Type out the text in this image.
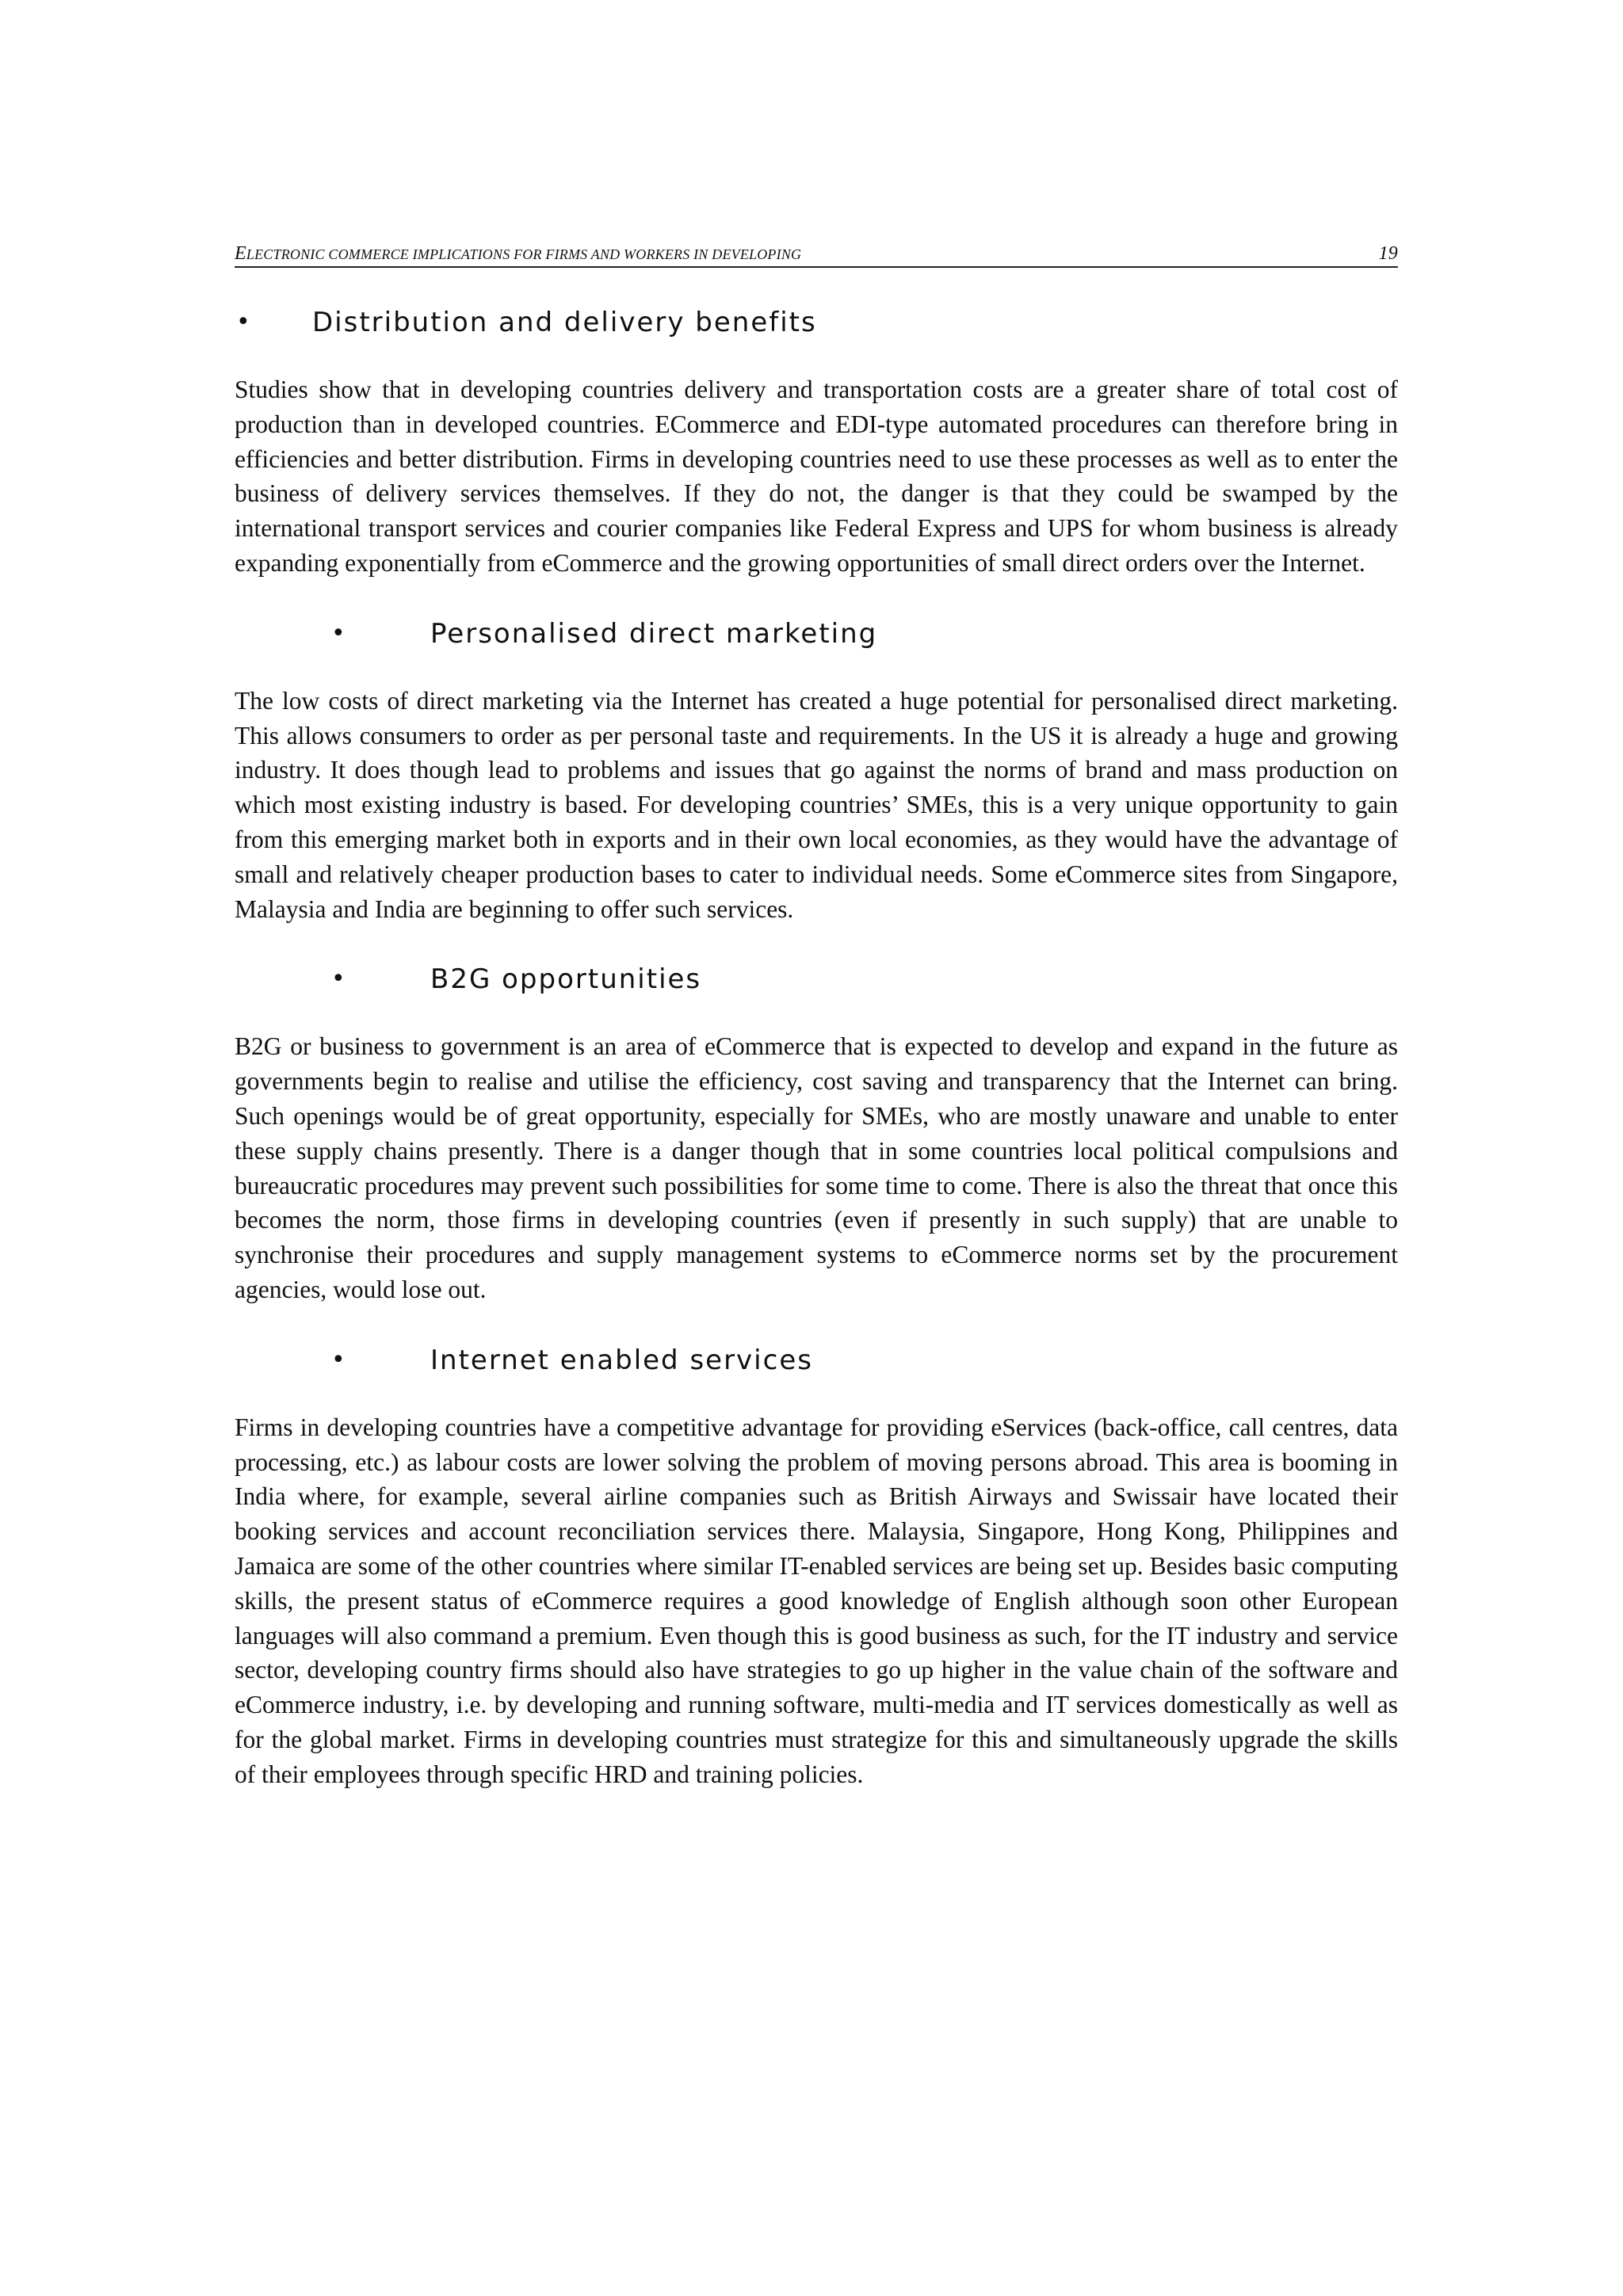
ELECTRONIC COMMERCE IMPLICATIONS FOR FIRMS AND WORKERS IN DEVELOPING	19
• Distribution and delivery benefits

Studies show that in developing countries delivery and transportation costs are a greater share of total cost of production than in developed countries. ECommerce and EDI-type automated procedures can therefore bring in efficiencies and better distribution. Firms in developing countries need to use these processes as well as to enter the business of delivery services themselves. If they do not, the danger is that they could be swamped by the international transport services and courier companies like Federal Express and UPS for whom business is already expanding exponentially from eCommerce and the growing opportunities of small direct orders over the Internet.

•	Personalised direct marketing

The low costs of direct marketing via the Internet has created a huge potential for personalised direct marketing. This allows consumers to order as per personal taste and requirements. In the US it is already a huge and growing industry. It does though lead to problems and issues that go against the norms of brand and mass production on which most existing industry is based. For developing countries’ SMEs, this is a very unique opportunity to gain from this emerging market both in exports and in their own local economies, as they would have the advantage of small and relatively cheaper production bases to cater to individual needs. Some eCommerce sites from Singapore, Malaysia and India are beginning to offer such services.

•	B2G opportunities

B2G or business to government is an area of eCommerce that is expected to develop and expand in the future as governments begin to realise and utilise the efficiency, cost saving and transparency that the Internet can bring. Such openings would be of great opportunity, especially for SMEs, who are mostly unaware and unable to enter these supply chains presently. There is a danger though that in some countries local political compulsions and bureaucratic procedures may prevent such possibilities for some time to come. There is also the threat that once this becomes the norm, those firms in developing countries (even if presently in such supply) that are unable to synchronise their procedures and supply management systems to eCommerce norms set by the procurement agencies, would lose out.

•	Internet enabled services

Firms in developing countries have a competitive advantage for providing eServices (back-office, call centres, data processing, etc.) as labour costs are lower solving the problem of moving persons abroad. This area is booming in India where, for example, several airline companies such as British Airways and Swissair have located their booking services and account reconciliation services there. Malaysia, Singapore, Hong Kong, Philippines and Jamaica are some of the other countries where similar IT-enabled services are being set up. Besides basic computing skills, the present status of eCommerce requires a good knowledge of English although soon other European languages will also command a premium. Even though this is good business as such, for the IT industry and service sector, developing country firms should also have strategies to go up higher in the value chain of the software and eCommerce industry, i.e. by developing and running software, multi-media and IT services domestically as well as for the global market. Firms in developing countries must strategize for this and simultaneously upgrade the skills of their employees through specific HRD and training policies.
